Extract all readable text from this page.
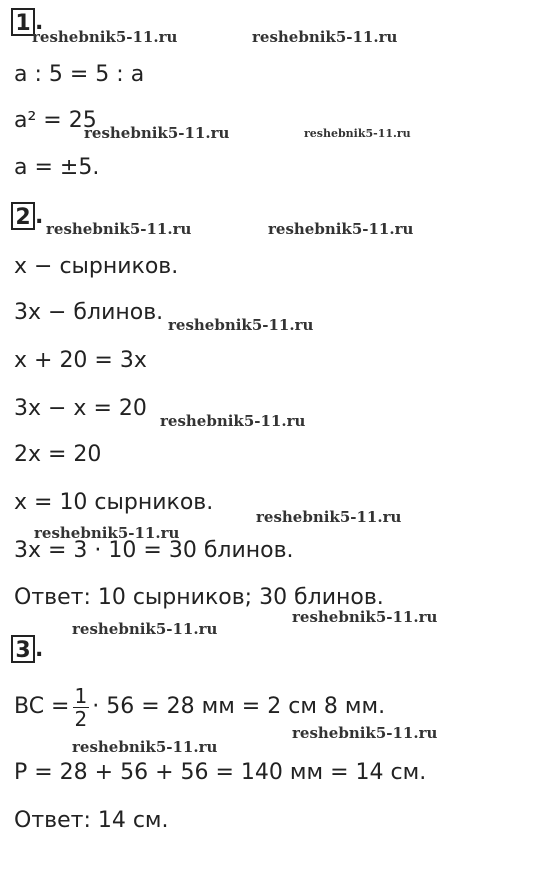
1 .
a : 5 = 5 : a
a² = 25
a = ±5.
2 .
x − сырников.
3x − блинов.
x + 20 = 3x
3x − x = 20
2x = 20
x = 10 сырников.
3x = 3 · 10 = 30 блинов.
Ответ: 10 сырников; 30 блинов.
3 .
BC = $\frac{1}{2} \cdot 56 = 28$ мм = 2 см 8 мм.
P = 28 + 56 + 56 = 140 мм = 14 см.
Ответ: 14 см.
reshebnik5-11.ru	reshebnik5-11.ru
reshebnik5-11.ru	reshebnik5-11.ru
reshebnik5-11.ru	reshebnik5-11.ru
reshebnik5-11.ru
reshebnik5-11.ru
reshebnik5-11.ru
reshebnik5-11.ru
reshebnik5-11.ru
reshebnik5-11.ru
reshebnik5-11.ru
reshebnik5-11.ru
